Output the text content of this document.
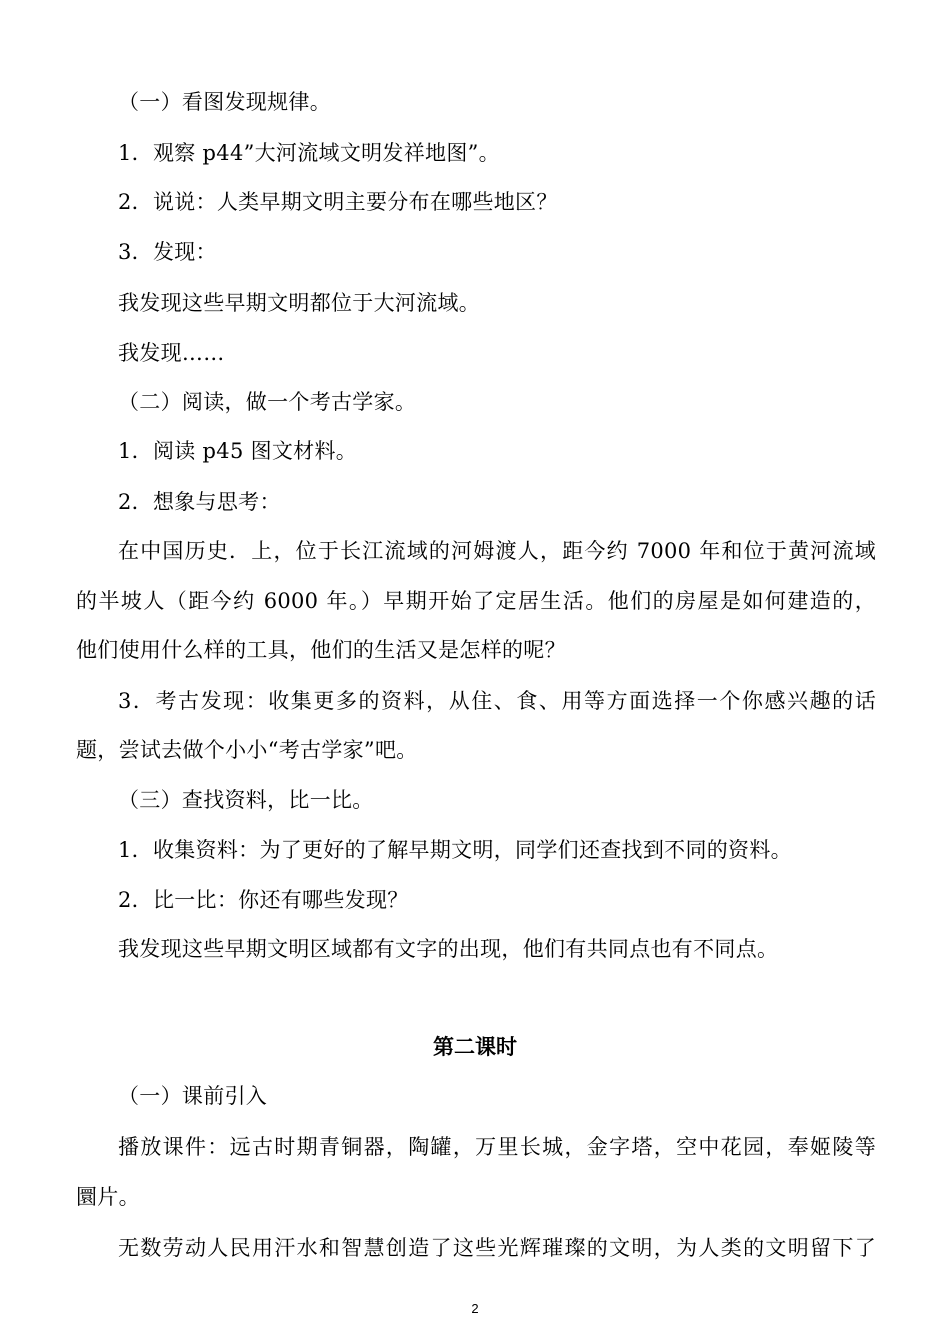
（一）看图发现规律。
1．观察 p44”大河流域文明发祥地图”。
2．说说：人类早期文明主要分布在哪些地区？
3．发现：
我发现这些早期文明都位于大河流域。
我发现……
（二）阅读，做一个考古学家。
1．阅读 p45 图文材料。
2．想象与思考：
在中国历史．上，位于长江流域的河姆渡人，距今约 7000 年和位于黄河流域
的半坡人（距今约 6000 年。）早期开始了定居生活。他们的房屋是如何建造的，
他们使用什么样的工具，他们的生活又是怎样的呢？
3．考古发现：收集更多的资料，从住、食、用等方面选择一个你感兴趣的话
题，尝试去做个小小“考古学家”吧。
（三）查找资料，比一比。
1．收集资料：为了更好的了解早期文明，同学们还查找到不同的资料。
2．比一比：你还有哪些发现？
我发现这些早期文明区域都有文字的出现，他们有共同点也有不同点。
第二课时
（一）课前引入
播放课件：远古时期青铜器，陶罐，万里长城，金字塔，空中花园，奉姬陵等
圜片。
无数劳动人民用汗水和智慧创造了这些光辉璀璨的文明，为人类的文明留下了
2
